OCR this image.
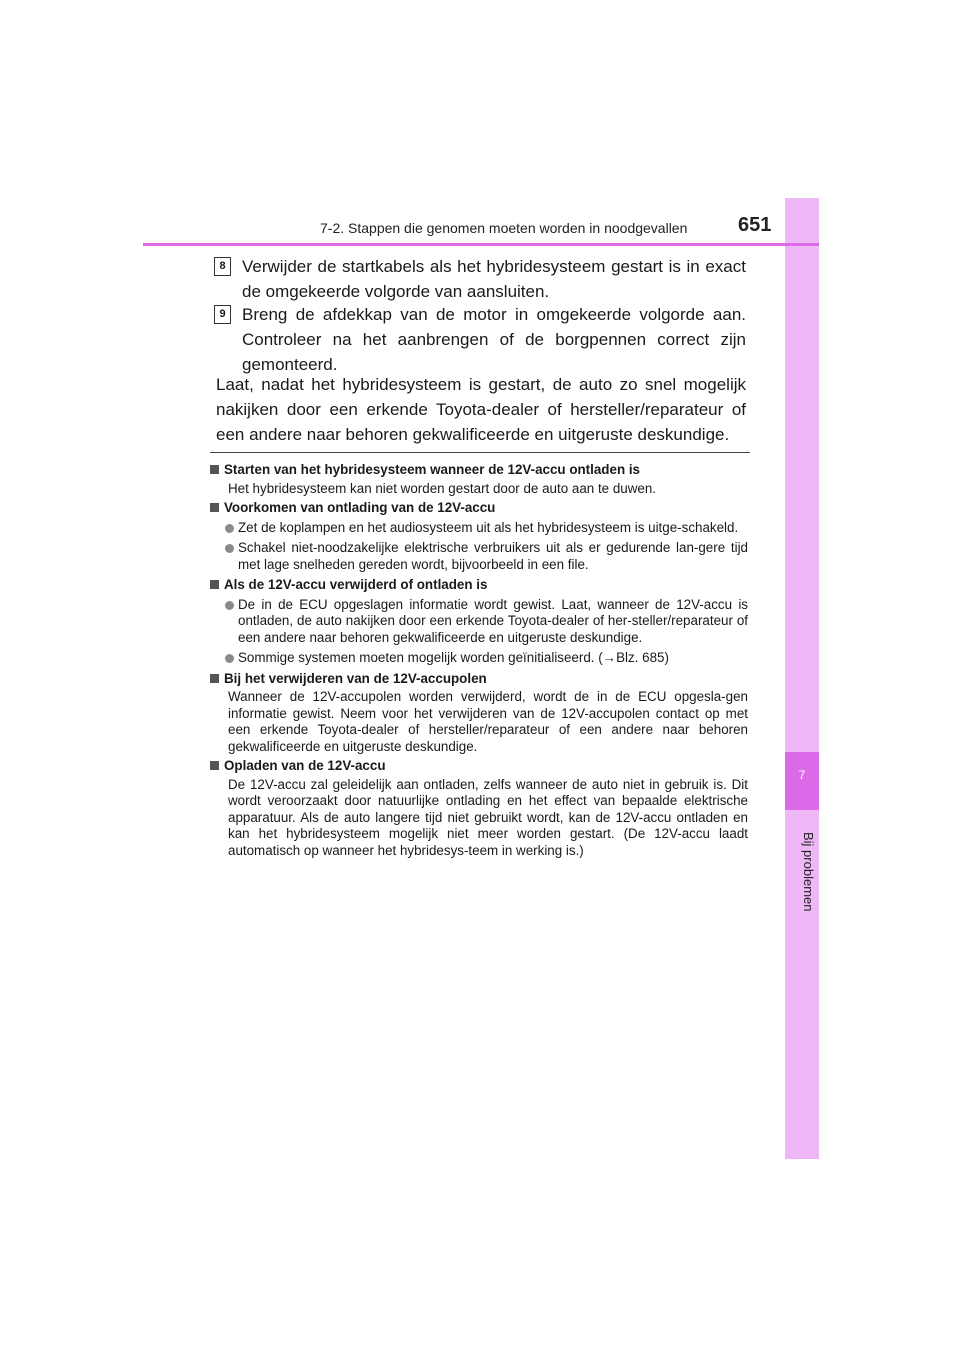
7
Bij problemen
7-2. Stappen die genomen moeten worden in noodgevallen	651
8 Verwijder de startkabels als het hybridesysteem gestart is in exact de omgekeerde volgorde van aansluiten.
9 Breng de afdekkap van de motor in omgekeerde volgorde aan. Controleer na het aanbrengen of de borgpennen correct zijn gemonteerd.
Laat, nadat het hybridesysteem is gestart, de auto zo snel mogelijk nakijken door een erkende Toyota-dealer of hersteller/reparateur of een andere naar behoren gekwalificeerde en uitgeruste deskundige.
Starten van het hybridesysteem wanneer de 12V-accu ontladen is
Het hybridesysteem kan niet worden gestart door de auto aan te duwen.
Voorkomen van ontlading van de 12V-accu
Zet de koplampen en het audiosysteem uit als het hybridesysteem is uitge-schakeld.
Schakel niet-noodzakelijke elektrische verbruikers uit als er gedurende lan-gere tijd met lage snelheden gereden wordt, bijvoorbeeld in een file.
Als de 12V-accu verwijderd of ontladen is
De in de ECU opgeslagen informatie wordt gewist. Laat, wanneer de 12V-accu is ontladen, de auto nakijken door een erkende Toyota-dealer of her-steller/reparateur of een andere naar behoren gekwalificeerde en uitgeruste deskundige.
Sommige systemen moeten mogelijk worden geïnitialiseerd. (→Blz. 685)
Bij het verwijderen van de 12V-accupolen
Wanneer de 12V-accupolen worden verwijderd, wordt de in de ECU opgesla-gen informatie gewist. Neem voor het verwijderen van de 12V-accupolen contact op met een erkende Toyota-dealer of hersteller/reparateur of een andere naar behoren gekwalificeerde en uitgeruste deskundige.
Opladen van de 12V-accu
De 12V-accu zal geleidelijk aan ontladen, zelfs wanneer de auto niet in gebruik is. Dit wordt veroorzaakt door natuurlijke ontlading en het effect van bepaalde elektrische apparatuur. Als de auto langere tijd niet gebruikt wordt, kan de 12V-accu ontladen en kan het hybridesysteem mogelijk niet meer worden gestart. (De 12V-accu laadt automatisch op wanneer het hybridesys-teem in werking is.)
